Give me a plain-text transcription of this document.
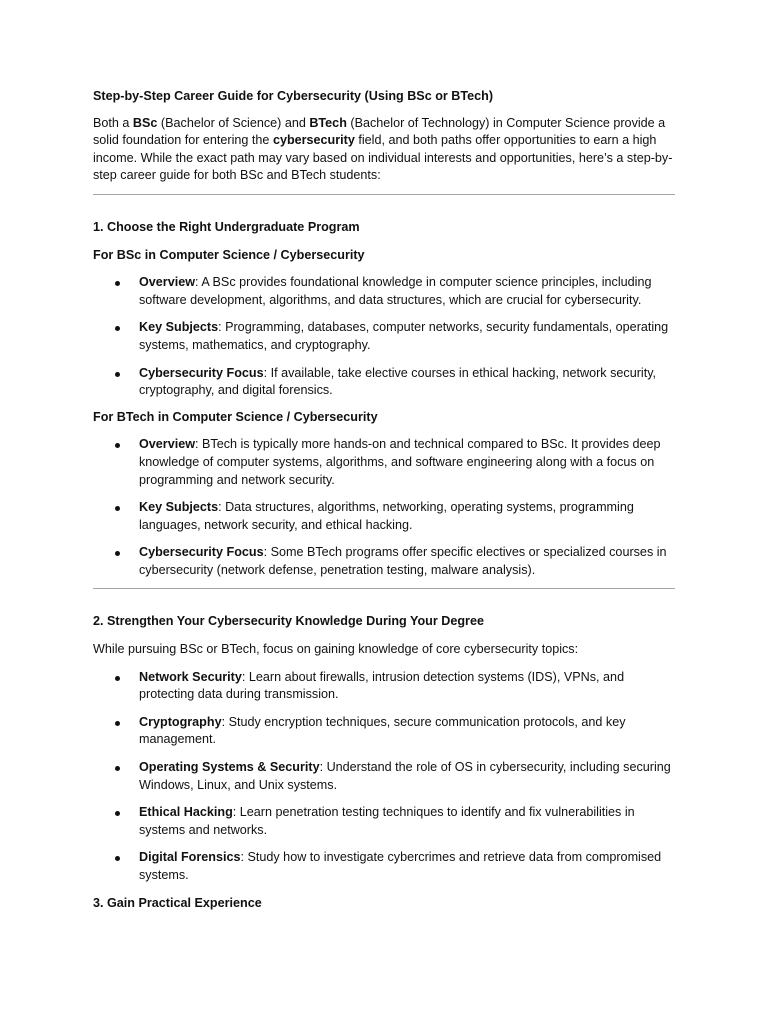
Step-by-Step Career Guide for Cybersecurity (Using BSc or BTech)

Both a BSc (Bachelor of Science) and BTech (Bachelor of Technology) in Computer Science provide a solid foundation for entering the cybersecurity field, and both paths offer opportunities to earn a high income. While the exact path may vary based on individual interests and opportunities, here’s a step-by-step career guide for both BSc and BTech students:

1. Choose the Right Undergraduate Program

For BSc in Computer Science / Cybersecurity

Overview: A BSc provides foundational knowledge in computer science principles, including software development, algorithms, and data structures, which are crucial for cybersecurity.
Key Subjects: Programming, databases, computer networks, security fundamentals, operating systems, mathematics, and cryptography.
Cybersecurity Focus: If available, take elective courses in ethical hacking, network security, cryptography, and digital forensics.

For BTech in Computer Science / Cybersecurity

Overview: BTech is typically more hands-on and technical compared to BSc. It provides deep knowledge of computer systems, algorithms, and software engineering along with a focus on programming and network security.
Key Subjects: Data structures, algorithms, networking, operating systems, programming languages, network security, and ethical hacking.
Cybersecurity Focus: Some BTech programs offer specific electives or specialized courses in cybersecurity (network defense, penetration testing, malware analysis).

2. Strengthen Your Cybersecurity Knowledge During Your Degree

While pursuing BSc or BTech, focus on gaining knowledge of core cybersecurity topics:

Network Security: Learn about firewalls, intrusion detection systems (IDS), VPNs, and protecting data during transmission.
Cryptography: Study encryption techniques, secure communication protocols, and key management.
Operating Systems & Security: Understand the role of OS in cybersecurity, including securing Windows, Linux, and Unix systems.
Ethical Hacking: Learn penetration testing techniques to identify and fix vulnerabilities in systems and networks.
Digital Forensics: Study how to investigate cybercrimes and retrieve data from compromised systems.

3. Gain Practical Experience
